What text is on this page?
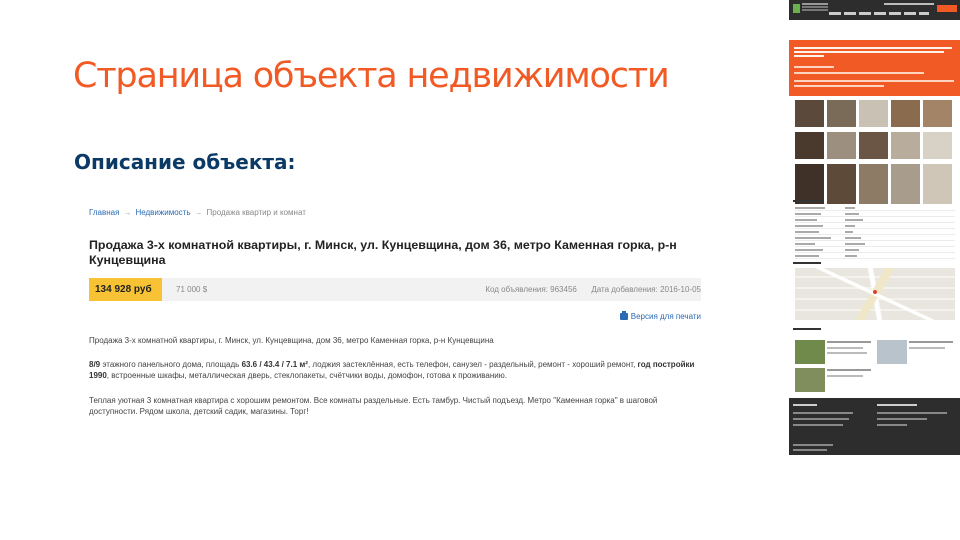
Страница объекта недвижимости
Описание объекта:
Главная → Недвижимость → Продажа квартир и комнат
Продажа 3-х комнатной квартиры, г. Минск, ул. Кунцевщина, дом 36, метро Каменная горка, р-н Кунцевщина
134 928 руб	71 000 $	Код объявления: 963456 Дата добавления: 2016-10-05
Версия для печати
Продажа 3-х комнатной квартиры, г. Минск, ул. Кунцевщина, дом 36, метро Каменная горка, р-н Кунцевщина
8/9 этажного панельного дома, площадь 63.6 / 43.4 / 7.1 м², лоджия застеклённая, есть телефон, санузел - раздельный, ремонт - хороший ремонт, год постройки 1990, встроенные шкафы, металлическая дверь, стеклопакеты, счётчики воды, домофон, готова к проживанию.
Теплая уютная 3 комнатная квартира с хорошим ремонтом. Все комнаты раздельные. Есть тамбур. Чистый подъезд. Метро "Каменная горка" в шаговой доступности. Рядом школа, детский садик, магазины. Торг!
